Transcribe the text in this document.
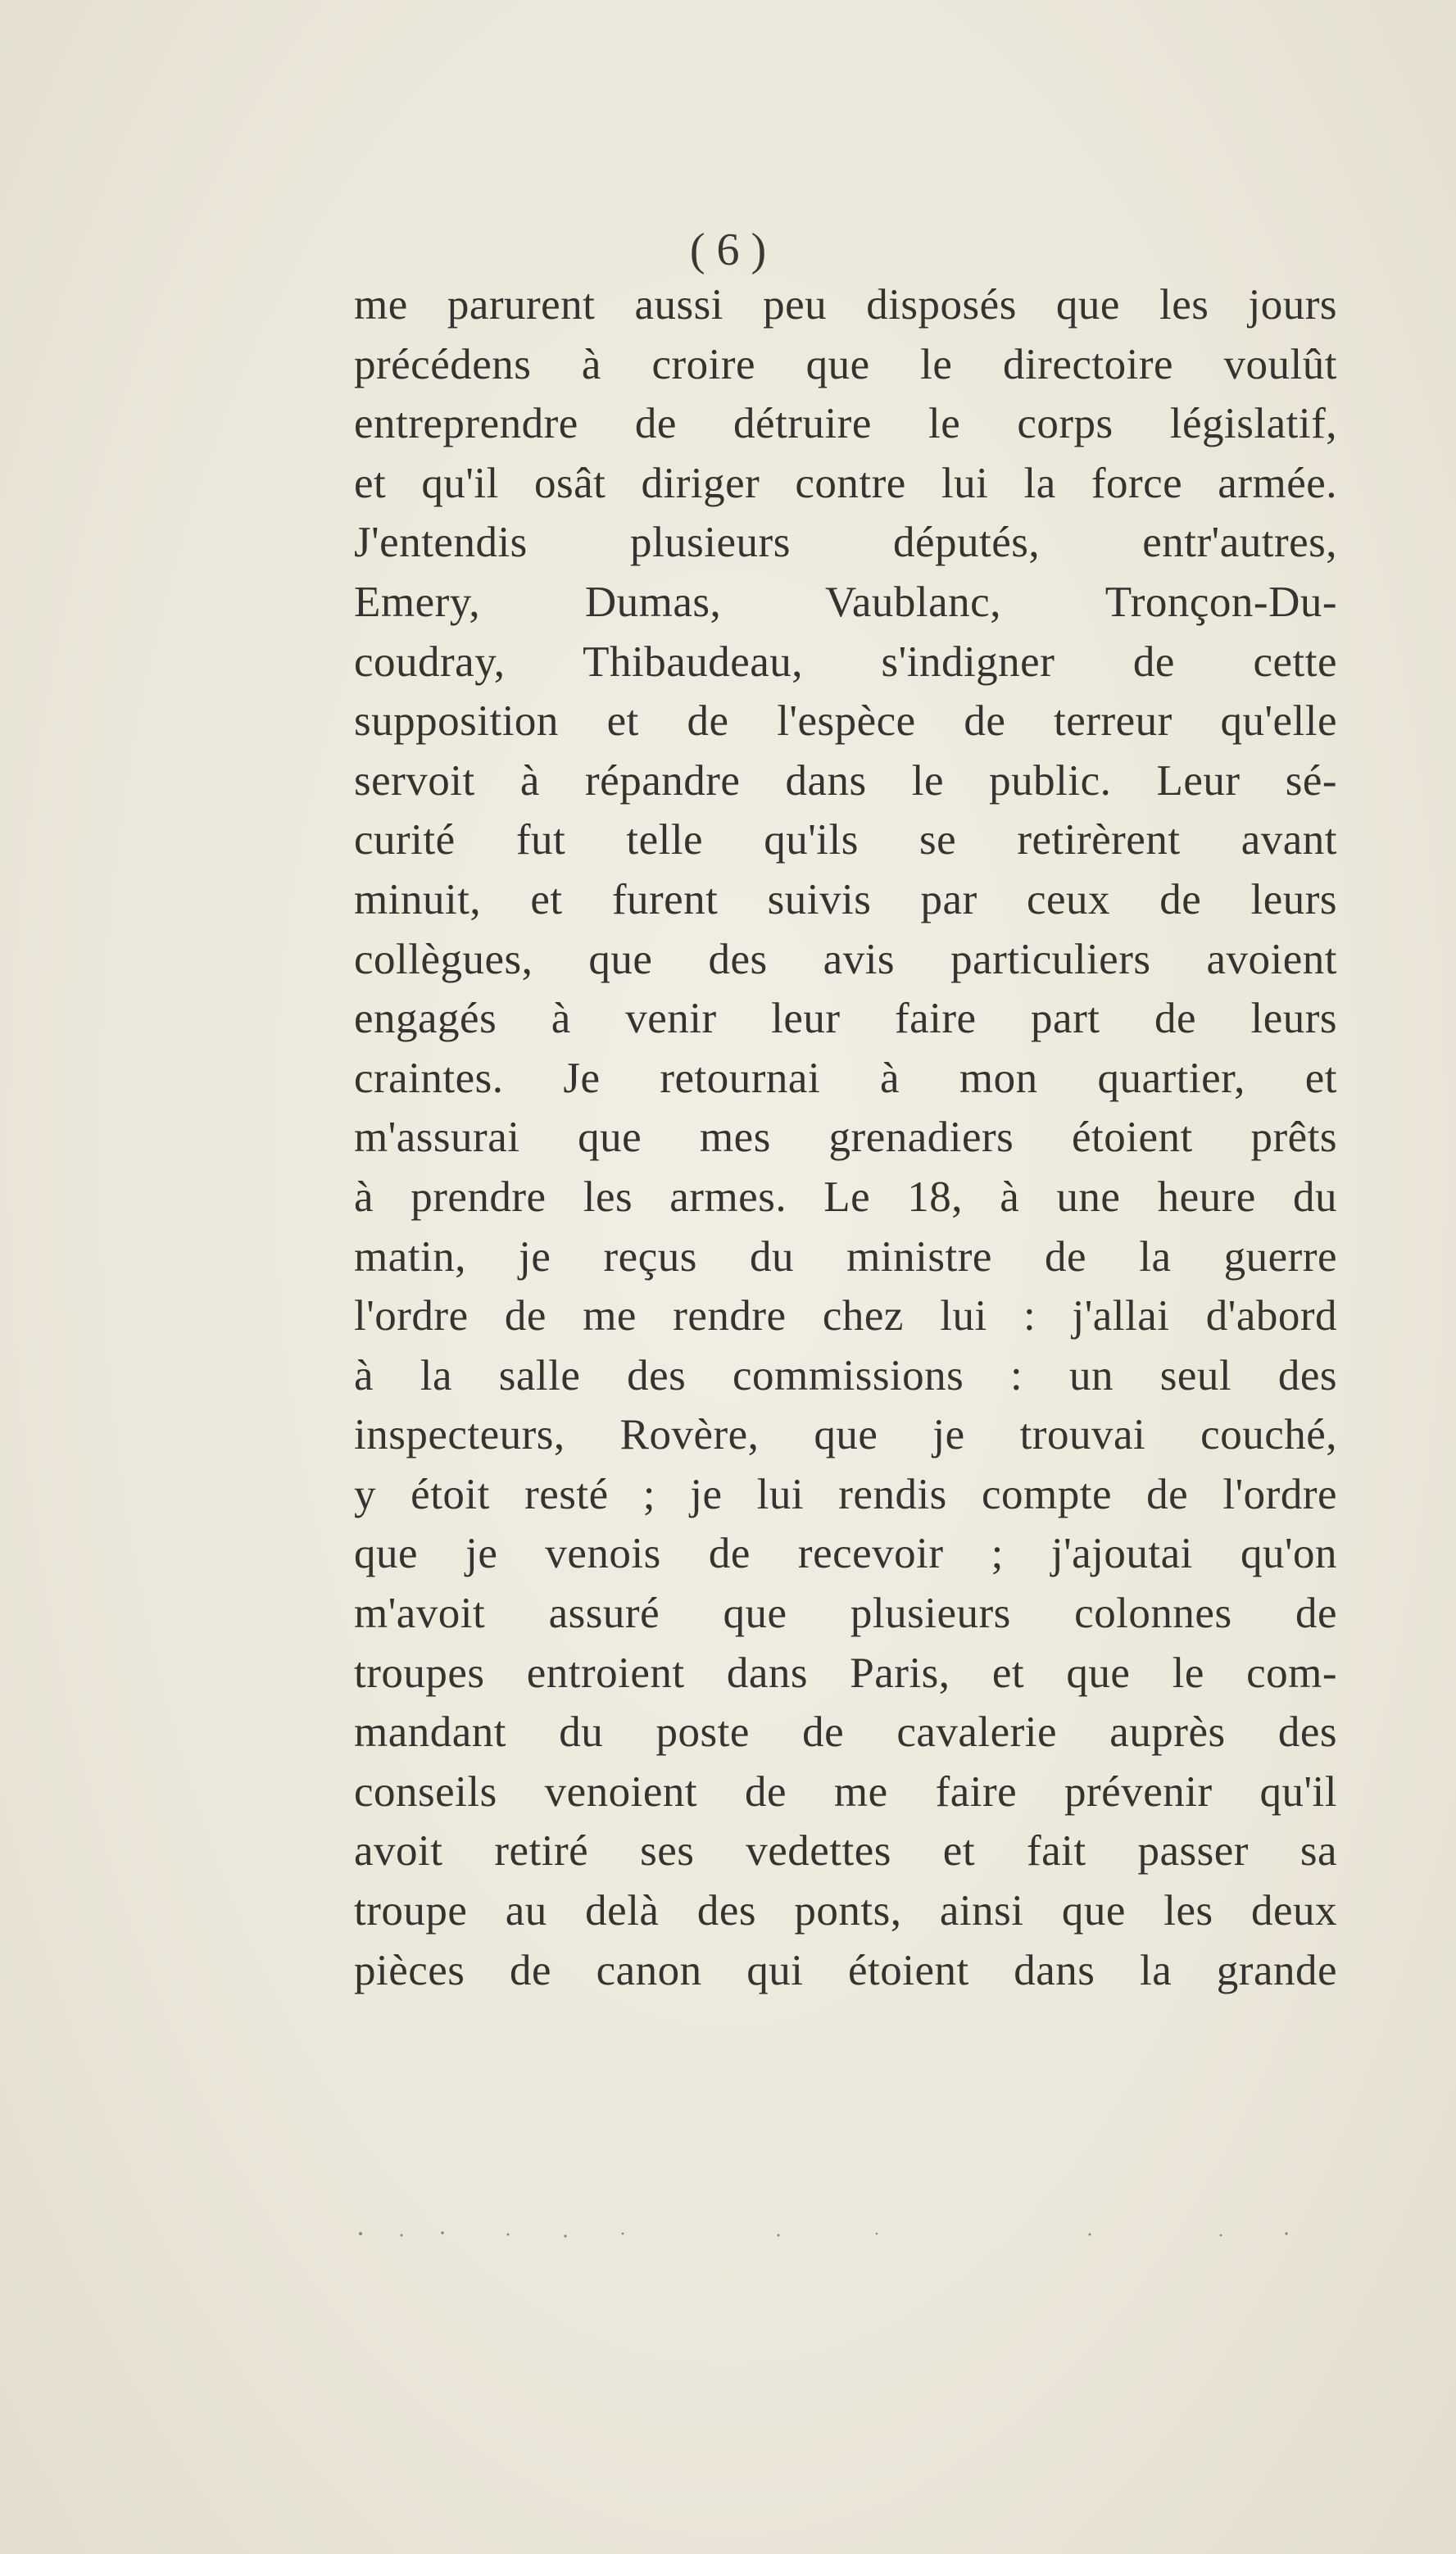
( 6 )
me parurent aussi peu disposés que les jours
précédens à croire que le directoire voulût
entreprendre de détruire le corps législatif,
et qu'il osât diriger contre lui la force armée.
J'entendis plusieurs députés, entr'autres,
Emery, Dumas, Vaublanc, Tronçon-Du-
coudray, Thibaudeau, s'indigner de cette
supposition et de l'espèce de terreur qu'elle
servoit à répandre dans le public. Leur sé-
curité fut telle qu'ils se retirèrent avant
minuit, et furent suivis par ceux de leurs
collègues, que des avis particuliers avoient
engagés à venir leur faire part de leurs
craintes. Je retournai à mon quartier, et
m'assurai que mes grenadiers étoient prêts
à prendre les armes. Le 18, à une heure du
matin, je reçus du ministre de la guerre
l'ordre de me rendre chez lui : j'allai d'abord
à la salle des commissions : un seul des
inspecteurs, Rovère, que je trouvai couché,
y étoit resté ; je lui rendis compte de l'ordre
que je venois de recevoir ; j'ajoutai qu'on
m'avoit assuré que plusieurs colonnes de
troupes entroient dans Paris, et que le com-
mandant du poste de cavalerie auprès des
conseils venoient de me faire prévenir qu'il
avoit retiré ses vedettes et fait passer sa
troupe au delà des ponts, ainsi que les deux
pièces de canon qui étoient dans la grande
